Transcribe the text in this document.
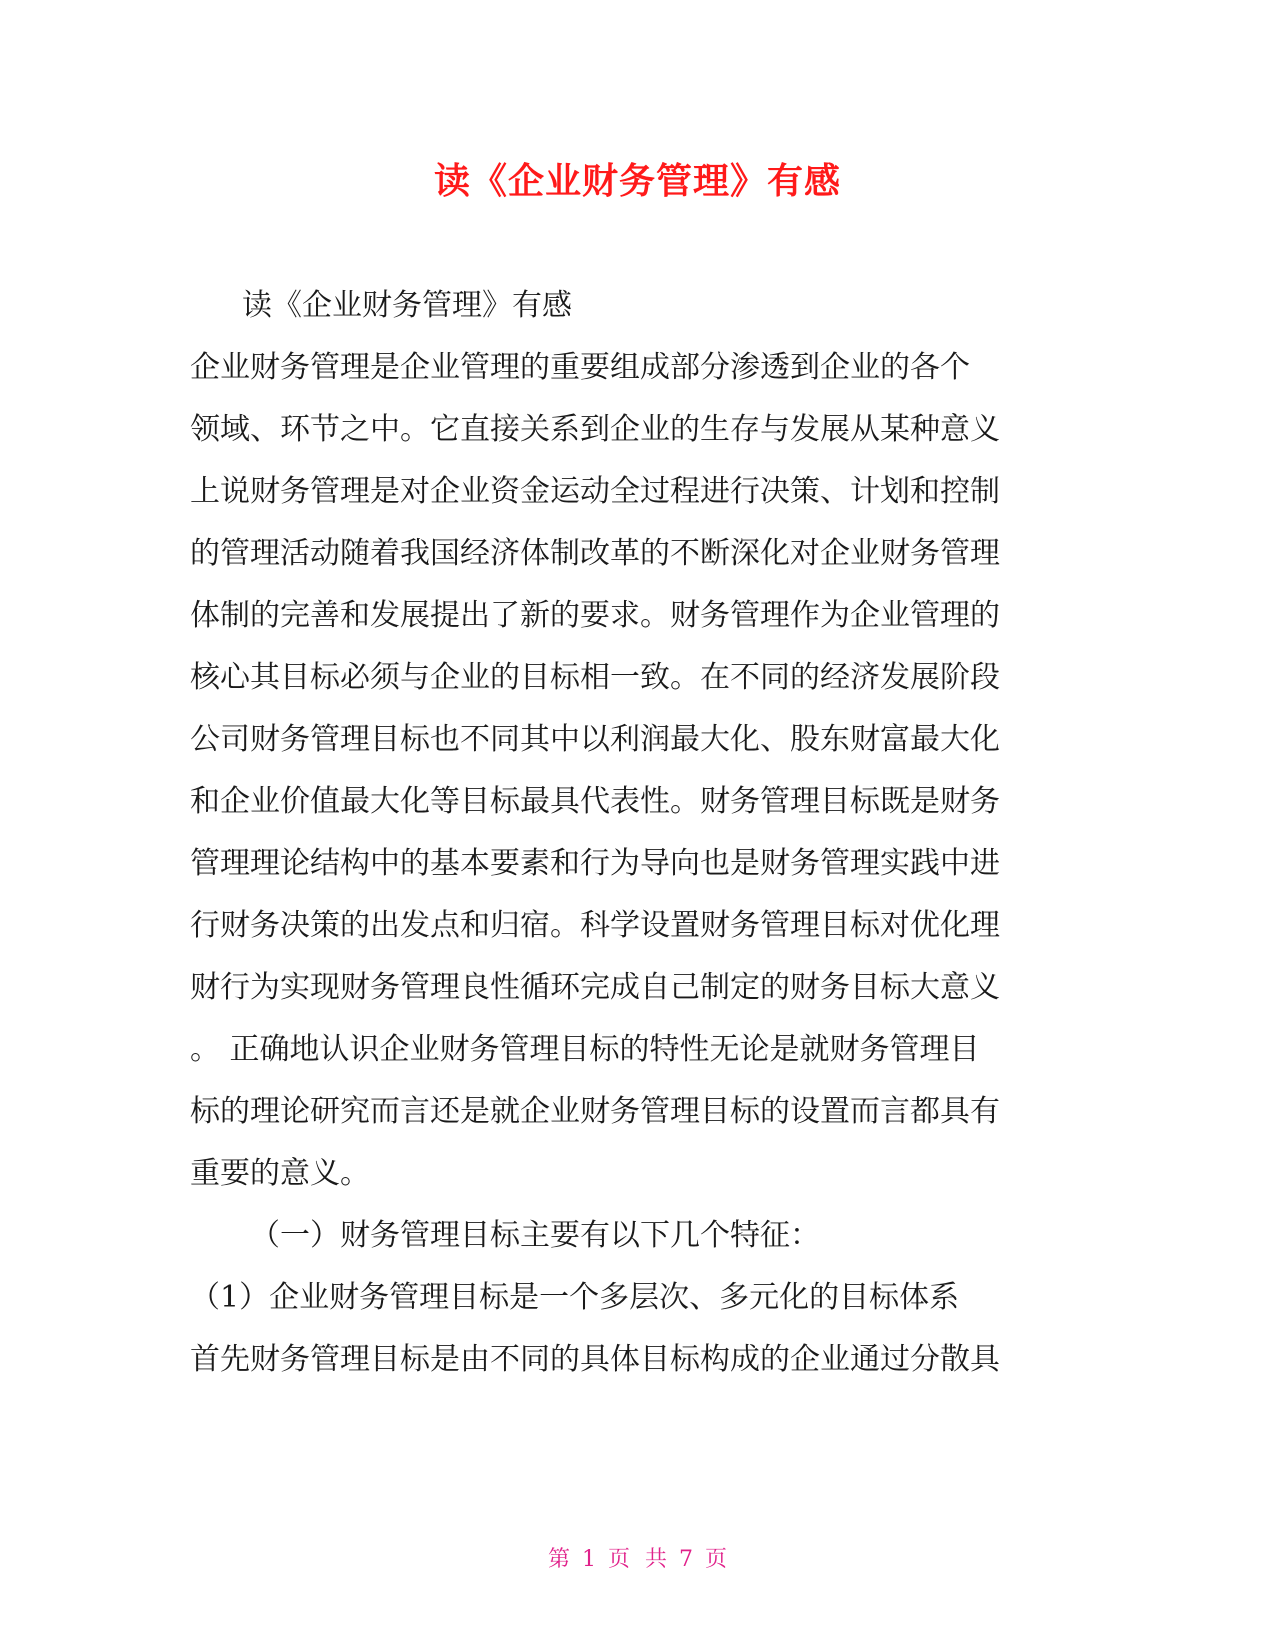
读《企业财务管理》有感
读《企业财务管理》有感
企业财务管理是企业管理的重要组成部分渗透到企业的各个
领域、环节之中。它直接关系到企业的生存与发展从某种意义
上说财务管理是对企业资金运动全过程进行决策、计划和控制
的管理活动随着我国经济体制改革的不断深化对企业财务管理
体制的完善和发展提出了新的要求。财务管理作为企业管理的
核心其目标必须与企业的目标相一致。在不同的经济发展阶段
公司财务管理目标也不同其中以利润最大化、股东财富最大化
和企业价值最大化等目标最具代表性。财务管理目标既是财务
管理理论结构中的基本要素和行为导向也是财务管理实践中进
行财务决策的出发点和归宿。科学设置财务管理目标对优化理
财行为实现财务管理良性循环完成自己制定的财务目标大意义
。 正确地认识企业财务管理目标的特性无论是就财务管理目
标的理论研究而言还是就企业财务管理目标的设置而言都具有
重要的意义。
（一）财务管理目标主要有以下几个特征：
（1）企业财务管理目标是一个多层次、多元化的目标体系
首先财务管理目标是由不同的具体目标构成的企业通过分散具
第 1 页 共 7 页
